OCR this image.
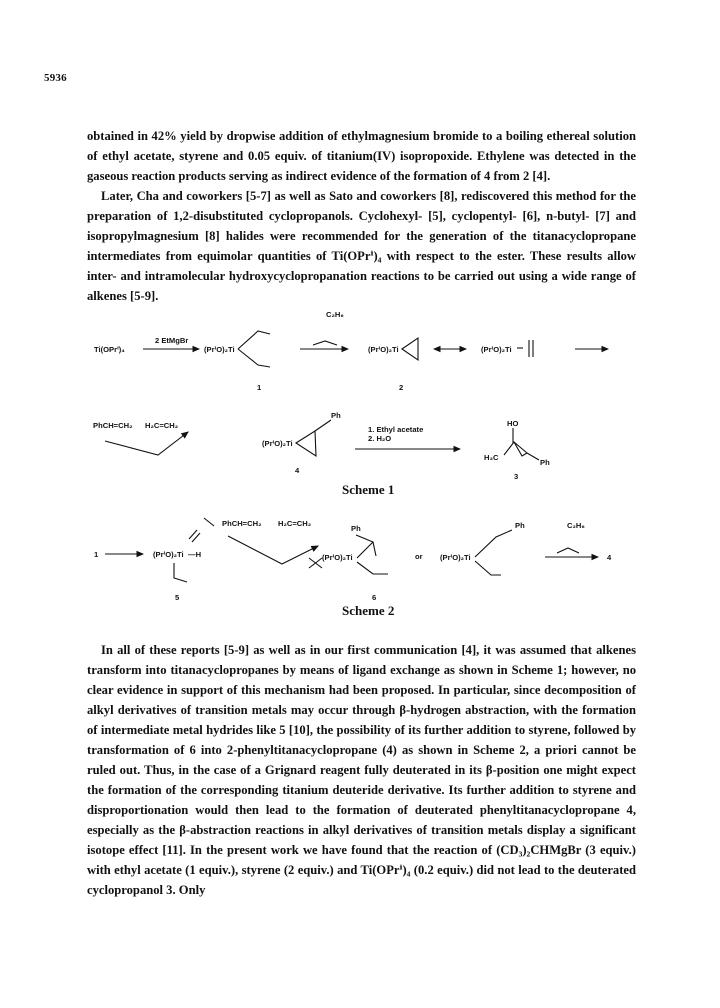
5936

obtained in 42% yield by dropwise addition of ethylmagnesium bromide to a boiling ethereal solution of ethyl acetate, styrene and 0.05 equiv. of titanium(IV) isopropoxide. Ethylene was detected in the gaseous reaction products serving as indirect evidence of the formation of 4 from 2 [4].

Later, Cha and coworkers [5-7] as well as Sato and coworkers [8], rediscovered this method for the preparation of 1,2-disubstituted cyclopropanols. Cyclohexyl- [5], cyclopentyl- [6], n-butyl- [7] and isopropylmagnesium [8] halides were recommended for the generation of the titanacyclopropane intermediates from equimolar quantities of Ti(OPrⁱ)₄ with respect to the ester. These results allow inter- and intramolecular hydroxycyclopropanation reactions to be carried out using a wide range of alkenes [5-9].

Ti(OPrⁱ)₄
2 EtMgBr
(PrⁱO)₂Ti
1
C₂H₆
(PrⁱO)₂Ti
2
(PrⁱO)₂Ti
PhCH=CH₂ H₂C=CH₂
(PrⁱO)₂Ti
Ph
4
1. Ethyl acetate
2. H₂O
HO
H₃C
Ph
3
Scheme 1
1	(PrⁱO)₂Ti —H
5
PhCH=CH₂ H₂C=CH₂
Ph
(PrⁱO)₂Ti
6
or (PrⁱO)₂Ti
Ph	C₂H₆
4
Scheme 2

In all of these reports [5-9] as well as in our first communication [4], it was assumed that alkenes transform into titanacyclopropanes by means of ligand exchange as shown in Scheme 1; however, no clear evidence in support of this mechanism had been proposed. In particular, since decomposition of alkyl derivatives of transition metals may occur through β-hydrogen abstraction, with the formation of intermediate metal hydrides like 5 [10], the possibility of its further addition to styrene, followed by transformation of 6 into 2-phenyltitanacyclopropane (4) as shown in Scheme 2, a priori cannot be ruled out. Thus, in the case of a Grignard reagent fully deuterated in its β-position one might expect the formation of the corresponding titanium deuteride derivative. Its further addition to styrene and disproportionation would then lead to the formation of deuterated phenyltitanacyclopropane 4, especially as the β-abstraction reactions in alkyl derivatives of transition metals display a significant isotope effect [11]. In the present work we have found that the reaction of (CD₃)₂CHMgBr (3 equiv.) with ethyl acetate (1 equiv.), styrene (2 equiv.) and Ti(OPrⁱ)₄ (0.2 equiv.) did not lead to the deuterated cyclopropanol 3. Only
